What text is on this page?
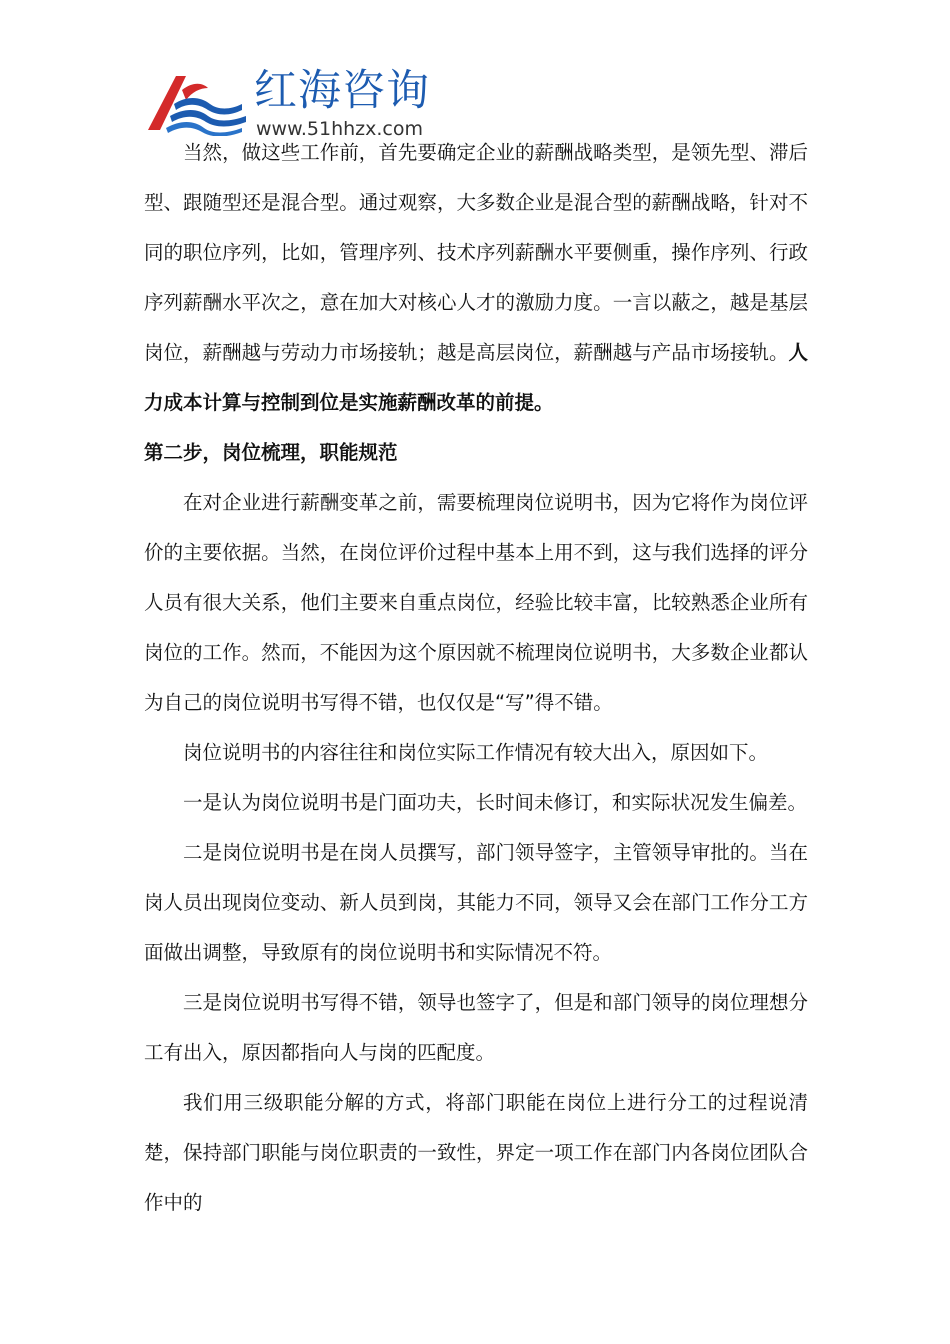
红海咨询
www.51hhzx.com

当然，做这些工作前，首先要确定企业的薪酬战略类型，是领先型、滞后型、跟随型还是混合型。通过观察，大多数企业是混合型的薪酬战略，针对不同的职位序列，比如，管理序列、技术序列薪酬水平要侧重，操作序列、行政序列薪酬水平次之，意在加大对核心人才的激励力度。一言以蔽之，越是基层岗位，薪酬越与劳动力市场接轨；越是高层岗位，薪酬越与产品市场接轨。人力成本计算与控制到位是实施薪酬改革的前提。

第二步，岗位梳理，职能规范

在对企业进行薪酬变革之前，需要梳理岗位说明书，因为它将作为岗位评价的主要依据。当然，在岗位评价过程中基本上用不到，这与我们选择的评分人员有很大关系，他们主要来自重点岗位，经验比较丰富，比较熟悉企业所有岗位的工作。然而，不能因为这个原因就不梳理岗位说明书，大多数企业都认为自己的岗位说明书写得不错，也仅仅是“写”得不错。

岗位说明书的内容往往和岗位实际工作情况有较大出入，原因如下。

一是认为岗位说明书是门面功夫，长时间未修订，和实际状况发生偏差。

二是岗位说明书是在岗人员撰写，部门领导签字，主管领导审批的。当在岗人员出现岗位变动、新人员到岗，其能力不同，领导又会在部门工作分工方面做出调整，导致原有的岗位说明书和实际情况不符。

三是岗位说明书写得不错，领导也签字了，但是和部门领导的岗位理想分工有出入，原因都指向人与岗的匹配度。

我们用三级职能分解的方式，将部门职能在岗位上进行分工的过程说清楚，保持部门职能与岗位职责的一致性，界定一项工作在部门内各岗位团队合作中的
